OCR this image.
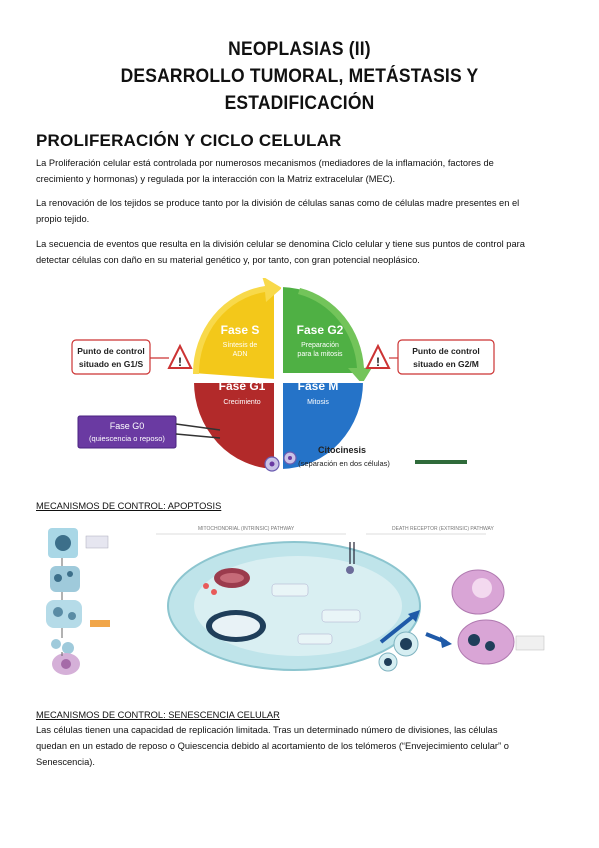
NEOPLASIAS (II)
DESARROLLO TUMORAL, METÁSTASIS Y
ESTADIFICACIÓN
PROLIFERACIÓN Y CICLO CELULAR
La Proliferación celular está controlada por numerosos mecanismos (mediadores de la inflamación, factores de
crecimiento y hormonas) y regulada por la interacción con la Matriz extracelular (MEC).
La renovación de los tejidos se produce tanto por la división de células sanas como de células madre presentes en el
propio tejido.
La secuencia de eventos que resulta en la división celular se denomina Ciclo celular y tiene sus puntos de control para
detectar células con daño en su material genético y, por tanto, con gran potencial neoplásico.
Fase S
Síntesis de
ADN
Fase G2
Preparación
para la mitosis
Fase G1
Crecimiento
Fase M
Mitosis
Punto de control
situado en G1/S	!	!
Punto de control
situado en G2/M
Fase G0
(quiescencia o reposo)
Citocinesis
(separación en dos células)
MECANISMOS DE CONTROL: APOPTOSIS
MITOCHONDRIAL (INTRINSIC) PATHWAY	DEATH RECEPTOR (EXTRINSIC) PATHWAY
MECANISMOS DE CONTROL: SENESCENCIA CELULAR
Las células tienen una capacidad de replicación limitada. Tras un determinado número de divisiones, las células
quedan en un estado de reposo o Quiescencia debido al acortamiento de los telómeros (“Envejecimiento celular” o
Senescencia).
